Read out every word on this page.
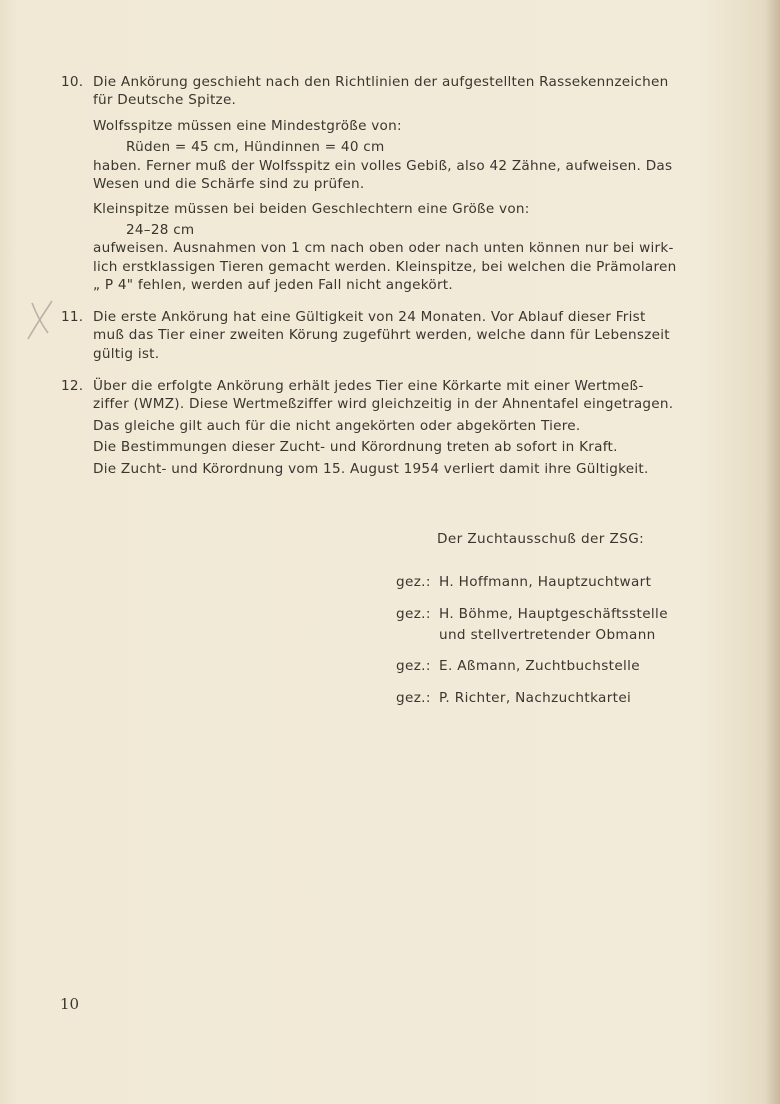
10. Die Ankörung geschieht nach den Richtlinien der aufgestellten Rassekennzeichen

für Deutsche Spitze.

Wolfsspitze müssen eine Mindestgröße von:

Rüden = 45 cm, Hündinnen = 40 cm

haben. Ferner muß der Wolfsspitz ein volles Gebiß, also 42 Zähne, aufweisen. Das

Wesen und die Schärfe sind zu prüfen.

Kleinspitze müssen bei beiden Geschlechtern eine Größe von:

24–28 cm

aufweisen. Ausnahmen von 1 cm nach oben oder nach unten können nur bei wirk-

lich erstklassigen Tieren gemacht werden. Kleinspitze, bei welchen die Prämolaren

„ P 4" fehlen, werden auf jeden Fall nicht angekört.

11. Die erste Ankörung hat eine Gültigkeit von 24 Monaten. Vor Ablauf dieser Frist

muß das Tier einer zweiten Körung zugeführt werden, welche dann für Lebenszeit

gültig ist.

12. Über die erfolgte Ankörung erhält jedes Tier eine Körkarte mit einer Wertmeß-

ziffer (WMZ). Diese Wertmeßziffer wird gleichzeitig in der Ahnentafel eingetragen.

Das gleiche gilt auch für die nicht angekörten oder abgekörten Tiere.

Die Bestimmungen dieser Zucht- und Körordnung treten ab sofort in Kraft.

Die Zucht- und Körordnung vom 15. August 1954 verliert damit ihre Gültigkeit.

Der Zuchtausschuß der ZSG:
gez.: H. Hoffmann, Hauptzuchtwart
gez.: H. Böhme, Hauptgeschäftsstelle
und stellvertretender Obmann
gez.: E. Aßmann, Zuchtbuchstelle
gez.: P. Richter, Nachzuchtkartei
10
